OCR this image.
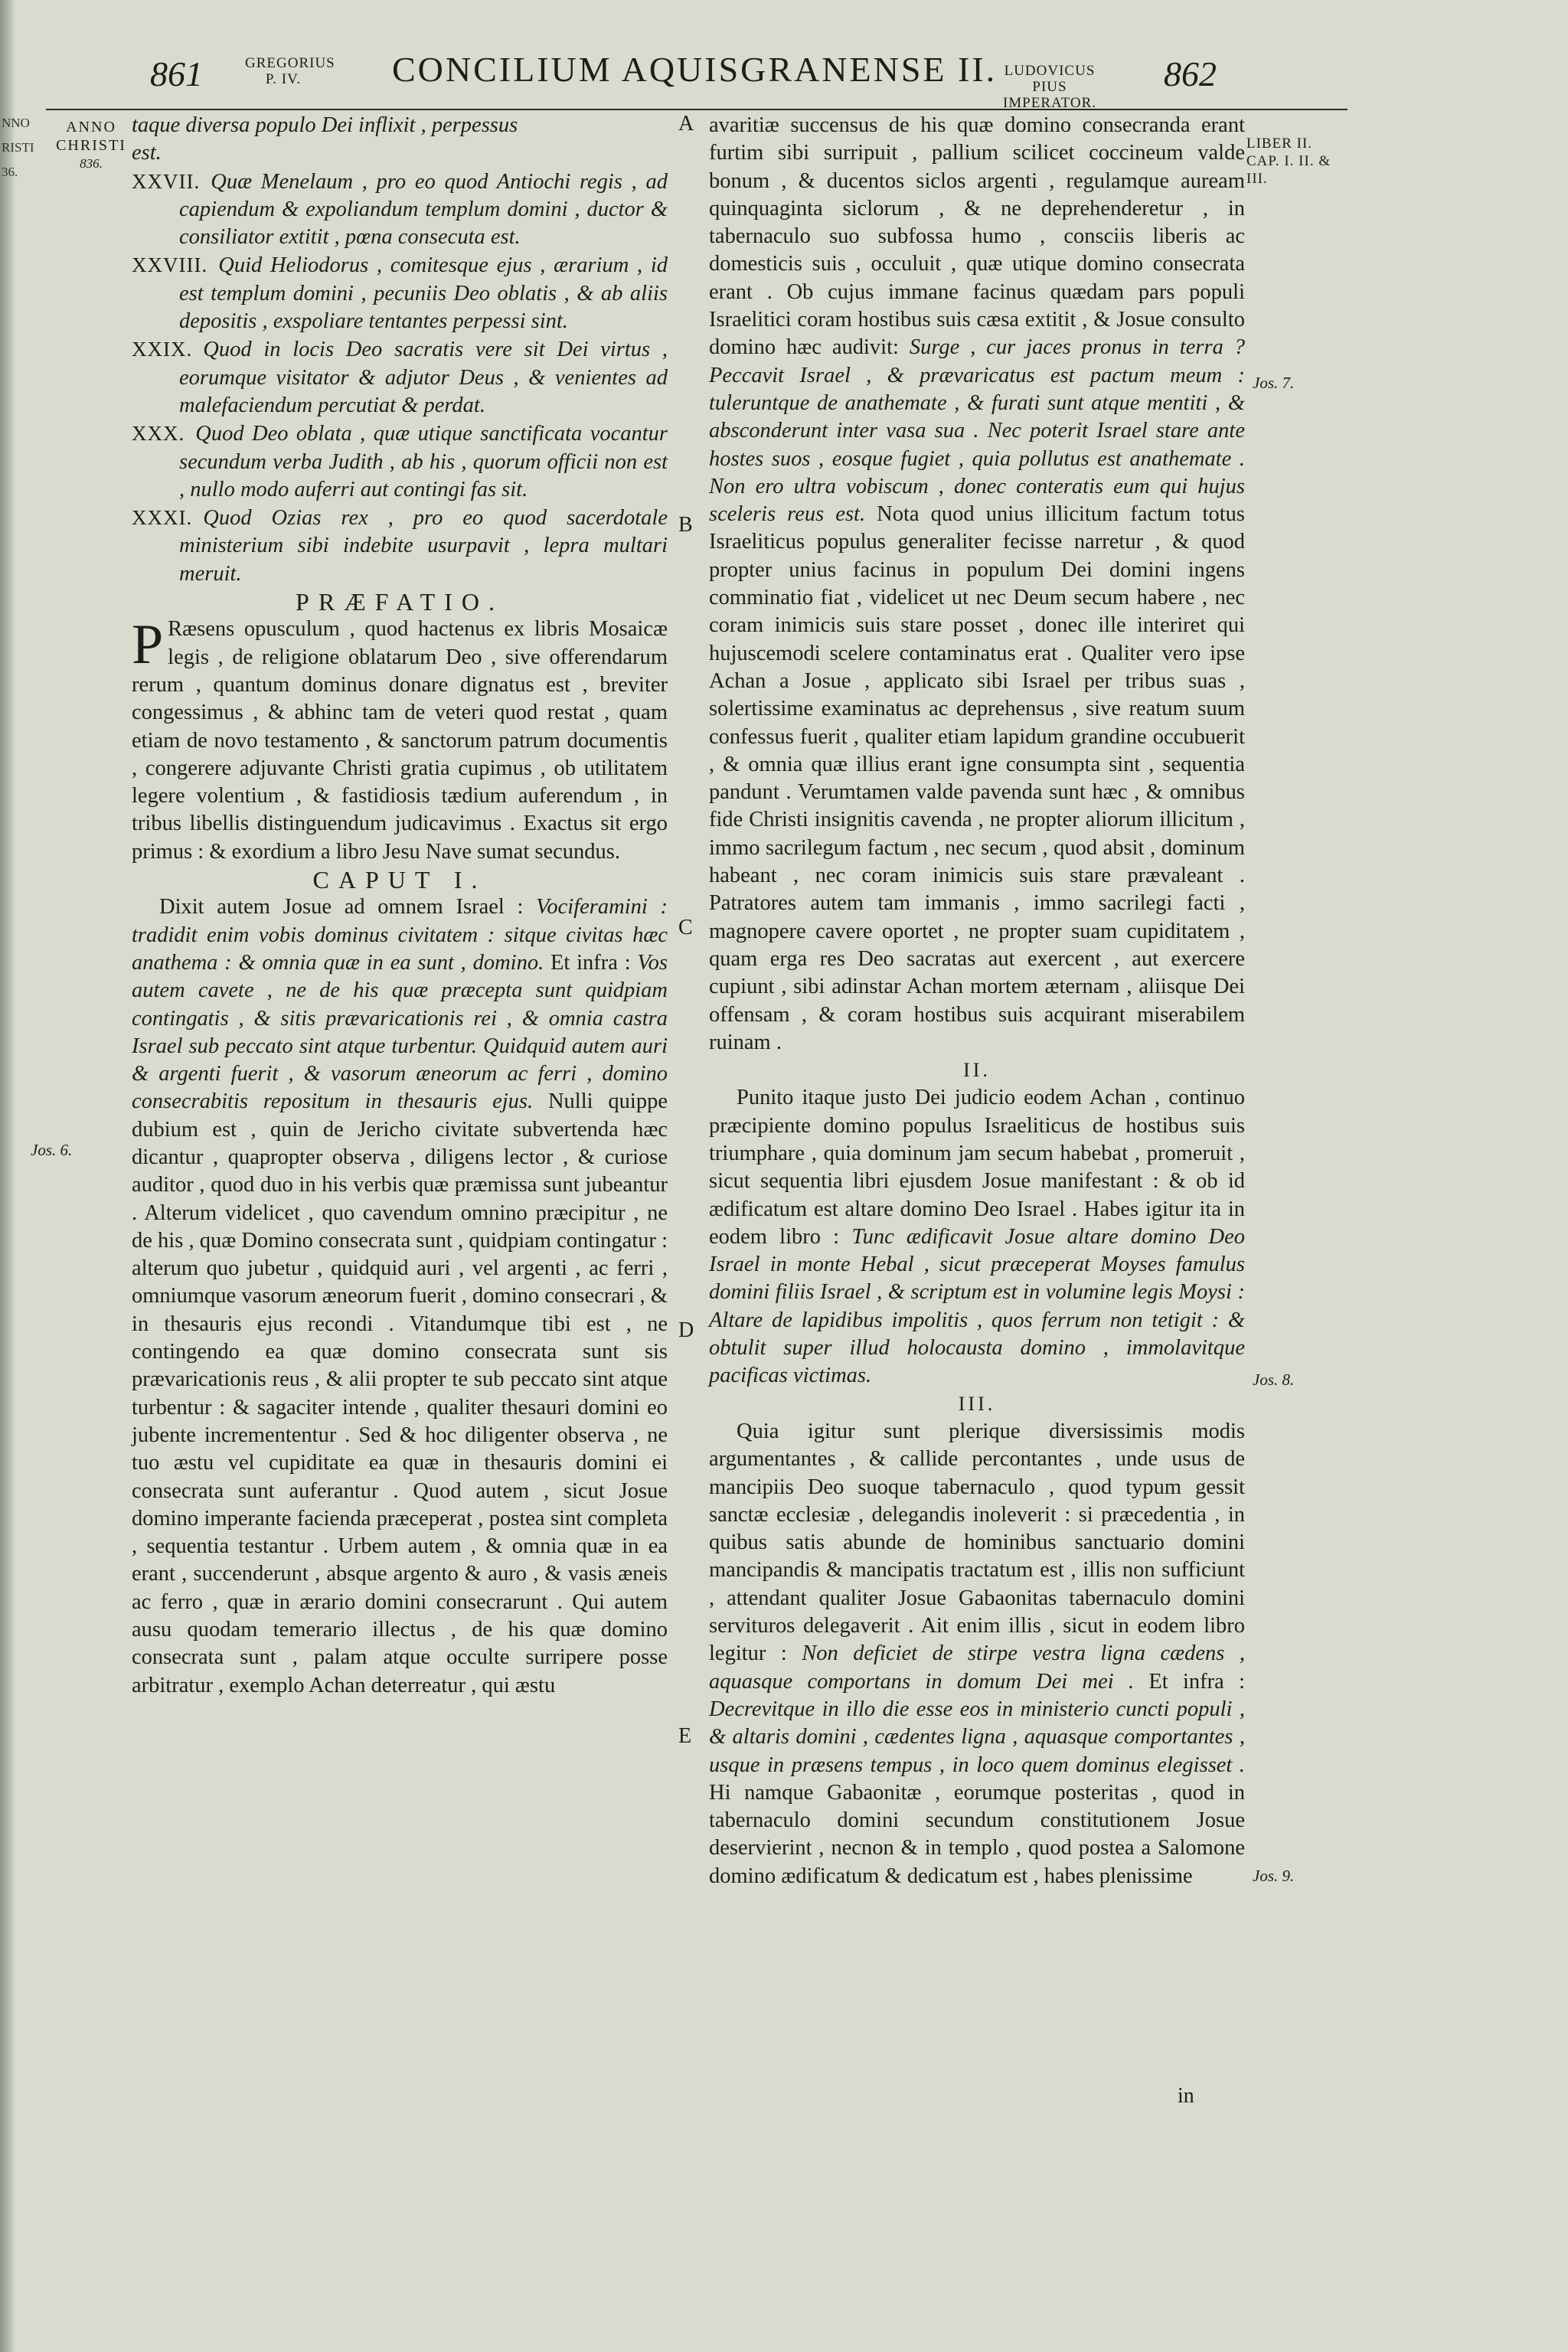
NNO
RISTI
36.
861	GREGORIUS
P. IV.	CONCILIUM AQUISGRANENSE II. LUDOVICUS PIUS
IMPERATOR.
862
ANNO
CHRISTI
836.
A
B
C
D
E
Jos. 6.
Jos. 7.
Jos. 8.
Jos. 9.
LIBER II.
CAP. I. II. &
III.

taque diversa populo Dei inflixit , perpessus
est.

XXVII. Quæ Menelaum , pro eo quod Antiochi regis , ad capiendum & expoliandum templum domini , ductor & consiliator extitit , pœna consecuta est.

XXVIII. Quid Heliodorus , comitesque ejus , ærarium , id est templum domini , pecuniis Deo oblatis , & ab aliis depositis , exspoliare tentantes perpessi sint.

XXIX. Quod in locis Deo sacratis vere sit Dei virtus , eorumque visitator & adjutor Deus , & venientes ad malefaciendum percutiat & perdat.

XXX. Quod Deo oblata , quæ utique sanctificata vocantur secundum verba Judith , ab his , quorum officii non est , nullo modo auferri aut contingi fas sit.

XXXI. Quod Ozias rex , pro eo quod sacerdotale ministerium sibi indebite usurpavit , lepra multari meruit.

PRÆFATIO.

P Ræsens opusculum , quod hactenus ex libris Mosaicæ legis , de religione oblatarum Deo , sive offerendarum rerum , quantum dominus donare dignatus est , breviter congessimus , & abhinc tam de veteri quod restat , quam etiam de novo testamento , & sanctorum patrum documentis , congerere adjuvante Christi gratia cupimus , ob utilitatem legere volentium , & fastidiosis tædium auferendum , in tribus libellis distinguendum judicavimus . Exactus sit ergo primus : & exordium a libro Jesu Nave sumat secundus.

CAPUT I.

Dixit autem Josue ad omnem Israel : Vociferamini : tradidit enim vobis dominus civitatem : sitque civitas hæc anathema : & omnia quæ in ea sunt , domino. Et infra : Vos autem cavete , ne de his quæ præcepta sunt quidpiam contingatis , & sitis prævaricationis rei , & omnia castra Israel sub peccato sint atque turbentur. Quidquid autem auri & argenti fuerit , & vasorum æneorum ac ferri , domino consecrabitis repositum in thesauris ejus. Nulli quippe dubium est , quin de Jericho civitate subvertenda hæc dicantur , quapropter observa , diligens lector , & curiose auditor , quod duo in his verbis quæ præmissa sunt jubeantur . Alterum videlicet , quo cavendum omnino præcipitur , ne de his , quæ Domino consecrata sunt , quidpiam contingatur : alterum quo jubetur , quidquid auri , vel argenti , ac ferri , omniumque vasorum æneorum fuerit , domino consecrari , & in thesauris ejus recondi . Vitandumque tibi est , ne contingendo ea quæ domino consecrata sunt sis prævaricationis reus , & alii propter te sub peccato sint atque turbentur : & sagaciter intende , qualiter thesauri domini eo jubente incremententur . Sed & hoc diligenter observa , ne tuo æstu vel cupiditate ea quæ in thesauris domini ei consecrata sunt auferantur . Quod autem , sicut Josue domino imperante facienda præceperat , postea sint completa , sequentia testantur . Urbem autem , & omnia quæ in ea erant , succenderunt , absque argento & auro , & vasis æneis ac ferro , quæ in ærario domini consecrarunt . Qui autem ausu quodam temerario illectus , de his quæ domino consecrata sunt , palam atque occulte surripere posse arbitratur , exemplo Achan deterreatur , qui æstu

avaritiæ succensus de his quæ domino consecranda erant furtim sibi surripuit , pallium scilicet coccineum valde bonum , & ducentos siclos argenti , regulamque auream quinquaginta siclorum , & ne deprehenderetur , in tabernaculo suo subfossa humo , consciis liberis ac domesticis suis , occuluit , quæ utique domino consecrata erant . Ob cujus immane facinus quædam pars populi Israelitici coram hostibus suis cæsa extitit , & Josue consulto domino hæc audivit: Surge , cur jaces pronus in terra ? Peccavit Israel , & prævaricatus est pactum meum : tuleruntque de anathemate , & furati sunt atque mentiti , & absconderunt inter vasa sua . Nec poterit Israel stare ante hostes suos , eosque fugiet , quia pollutus est anathemate . Non ero ultra vobiscum , donec conteratis eum qui hujus sceleris reus est. Nota quod unius illicitum factum totus Israeliticus populus generaliter fecisse narretur , & quod propter unius facinus in populum Dei domini ingens comminatio fiat , videlicet ut nec Deum secum habere , nec coram inimicis suis stare posset , donec ille interiret qui hujuscemodi scelere contaminatus erat . Qualiter vero ipse Achan a Josue , applicato sibi Israel per tribus suas , solertissime examinatus ac deprehensus , sive reatum suum confessus fuerit , qualiter etiam lapidum grandine occubuerit , & omnia quæ illius erant igne consumpta sint , sequentia pandunt . Verumtamen valde pavenda sunt hæc , & omnibus fide Christi insignitis cavenda , ne propter aliorum illicitum , immo sacrilegum factum , nec secum , quod absit , dominum habeant , nec coram inimicis suis stare prævaleant . Patratores autem tam immanis , immo sacrilegi facti , magnopere cavere oportet , ne propter suam cupiditatem , quam erga res Deo sacratas aut exercent , aut exercere cupiunt , sibi adinstar Achan mortem æternam , aliisque Dei offensam , & coram hostibus suis acquirant miserabilem ruinam .

II.

Punito itaque justo Dei judicio eodem Achan , continuo præcipiente domino populus Israeliticus de hostibus suis triumphare , quia dominum jam secum habebat , promeruit , sicut sequentia libri ejusdem Josue manifestant : & ob id ædificatum est altare domino Deo Israel . Habes igitur ita in eodem libro : Tunc ædificavit Josue altare domino Deo Israel in monte Hebal , sicut præceperat Moyses famulus domini filiis Israel , & scriptum est in volumine legis Moysi : Altare de lapidibus impolitis , quos ferrum non tetigit : & obtulit super illud holocausta domino , immolavitque pacificas victimas.

III.

Quia igitur sunt plerique diversissimis modis argumentantes , & callide percontantes , unde usus de mancipiis Deo suoque tabernaculo , quod typum gessit sanctæ ecclesiæ , delegandis inoleverit : si præcedentia , in quibus satis abunde de hominibus sanctuario domini mancipandis & mancipatis tractatum est , illis non sufficiunt , attendant qualiter Josue Gabaonitas tabernaculo domini servituros delegaverit . Ait enim illis , sicut in eodem libro legitur : Non deficiet de stirpe vestra ligna cædens , aquasque comportans in domum Dei mei . Et infra : Decrevitque in illo die esse eos in ministerio cuncti populi , & altaris domini , cædentes ligna , aquasque comportantes , usque in præsens tempus , in loco quem dominus elegisset . Hi namque Gabaonitæ , eorumque posteritas , quod in tabernaculo domini secundum constitutionem Josue deservierint , necnon & in templo , quod postea a Salomone domino ædificatum & dedicatum est , habes plenissime

in
